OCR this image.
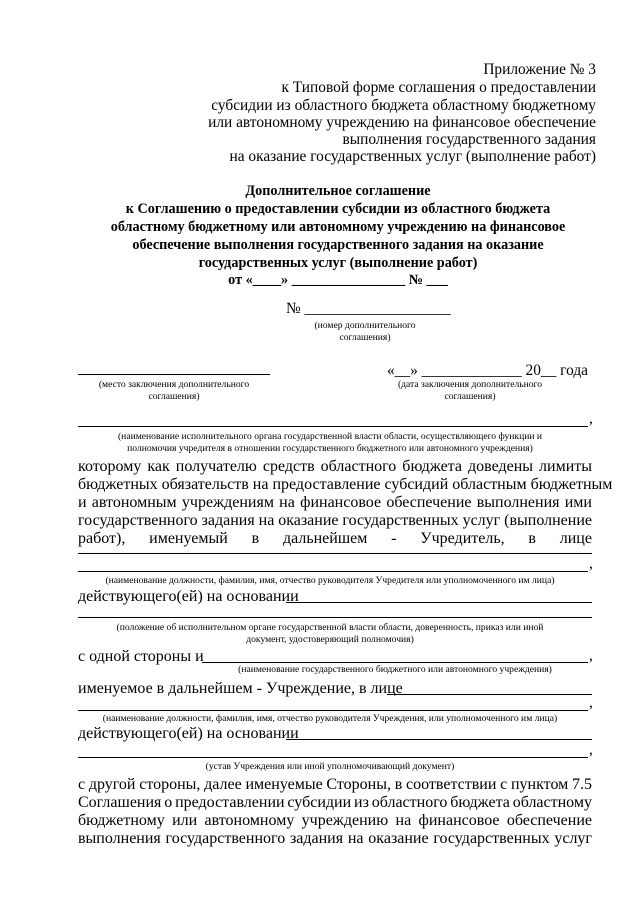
Приложение № 3
к Типовой форме соглашения о предоставлении
субсидии из областного бюджета областному бюджетному
или автономному учреждению на финансовое обеспечение
выполнения государственного задания
на оказание государственных услуг (выполнение работ)
Дополнительное соглашение
к Соглашению о предоставлении субсидии из областного бюджета
областному бюджетному или автономному учреждению на финансовое
обеспечение выполнения государственного задания на оказание
государственных услуг (выполнение работ)
от «____» ________________ № ___
№ ___________________
(номер дополнительного
соглашения)
(место заключения дополнительного
соглашения)
«__» _____________ 20__ года
(дата заключения дополнительного
соглашения)
,
(наименование исполнительного органа государственной власти области, осуществляющего функции и
полномочия учредителя в отношении государственного бюджетного или автономного учреждения)
которому как получателю средств областного бюджета доведены лимиты
бюджетных обязательств на предоставление субсидий областным бюджетным
и автономным учреждениям на финансовое обеспечение выполнения ими
государственного задания на оказание государственных услуг (выполнение
работ), именуемый в дальнейшем - Учредитель, в лице
,
(наименование должности, фамилия, имя, отчество руководителя Учредителя или уполномоченного им лица)
действующего(ей) на основании
(положение об исполнительном органе государственной власти области, доверенность, приказ или иной
документ, удостоверяющий полномочия)
с одной стороны и	,
(наименование государственного бюджетного или автономного учреждения)
именуемое в дальнейшем - Учреждение, в лице
,
(наименование должности, фамилия, имя, отчество руководителя Учреждения, или уполномоченного им лица)
действующего(ей) на основании
,
(устав Учреждения или иной уполномочивающий документ)
с другой стороны, далее именуемые Стороны, в соответствии с пунктом 7.5
Соглашения о предоставлении субсидии из областного бюджета областному
бюджетному или автономному учреждению на финансовое обеспечение
выполнения государственного задания на оказание государственных услуг
